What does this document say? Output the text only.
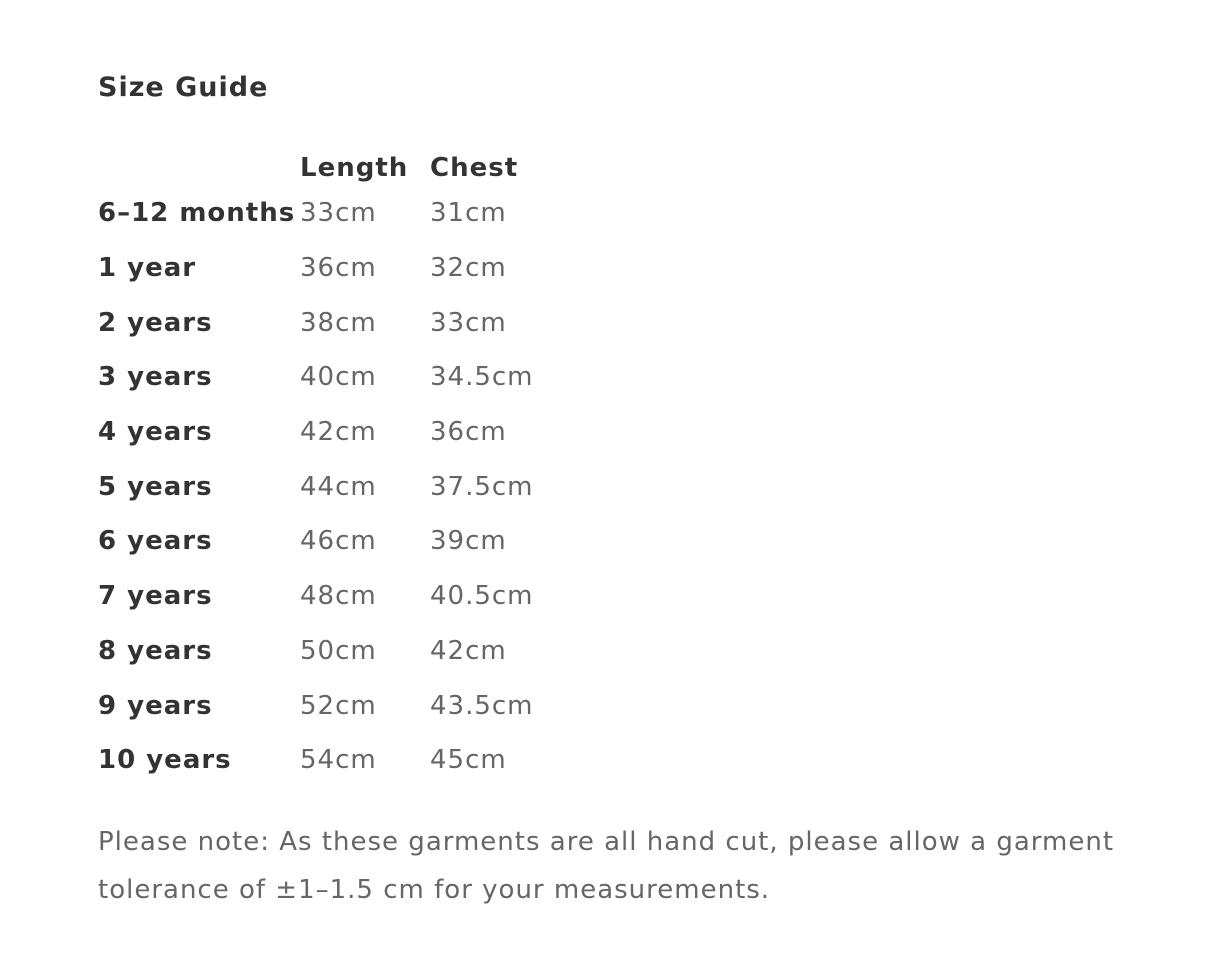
Size Guide
	Length	Chest
6–12 months	33cm	31cm
1 year	36cm	32cm
2 years	38cm	33cm
3 years	40cm	34.5cm
4 years	42cm	36cm
5 years	44cm	37.5cm
6 years	46cm	39cm
7 years	48cm	40.5cm
8 years	50cm	42cm
9 years	52cm	43.5cm
10 years	54cm	45cm

Please note: As these garments are all hand cut, please allow a garment tolerance of ±1–1.5 cm for your measurements.
